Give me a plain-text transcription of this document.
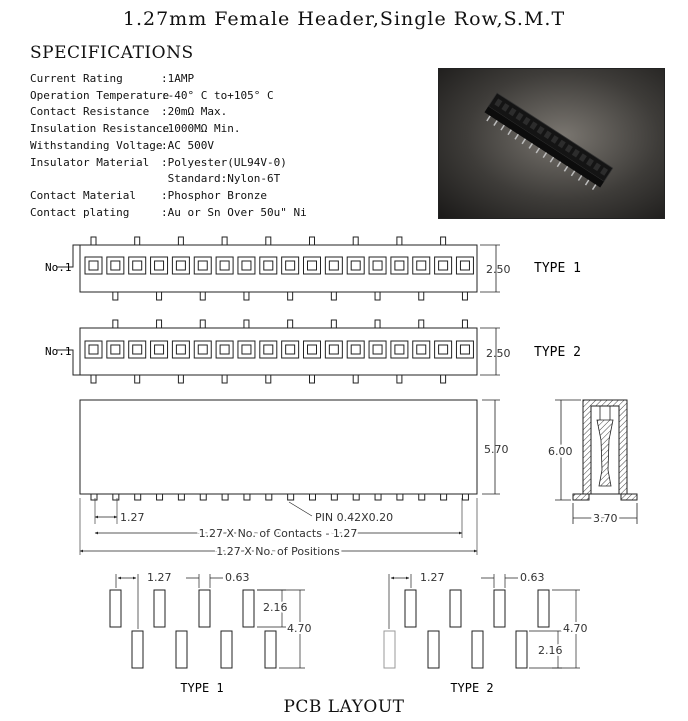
1.27mm Female Header,Single Row,S.M.T
SPECIFICATIONS
Current Rating	:1AMP
Operation Temperature
:-40° C to+105° C
Contact Resistance	:20mΩ Max.
Insulation Resistance
:1000MΩ Min.
Withstanding Voltage
:AC 500V
Insulator Material	:Polyester(UL94V-0)
Standard:Nylon-6T
Contact Material	:Phosphor Bronze
Contact plating	:Au or Sn Over 50u" Ni
No.1	2.50 TYPE 1
No.1	2.50 TYPE 2
5.70
1.27	PIN 0.42X0.20
1.27 X No. of Contacts - 1.27
1.27 X No. of Positions
6.00
3.70
1.27	0.63
2.16
4.70
TYPE 1
1.27	0.63
2.16
4.70
TYPE 2
PCB LAYOUT
